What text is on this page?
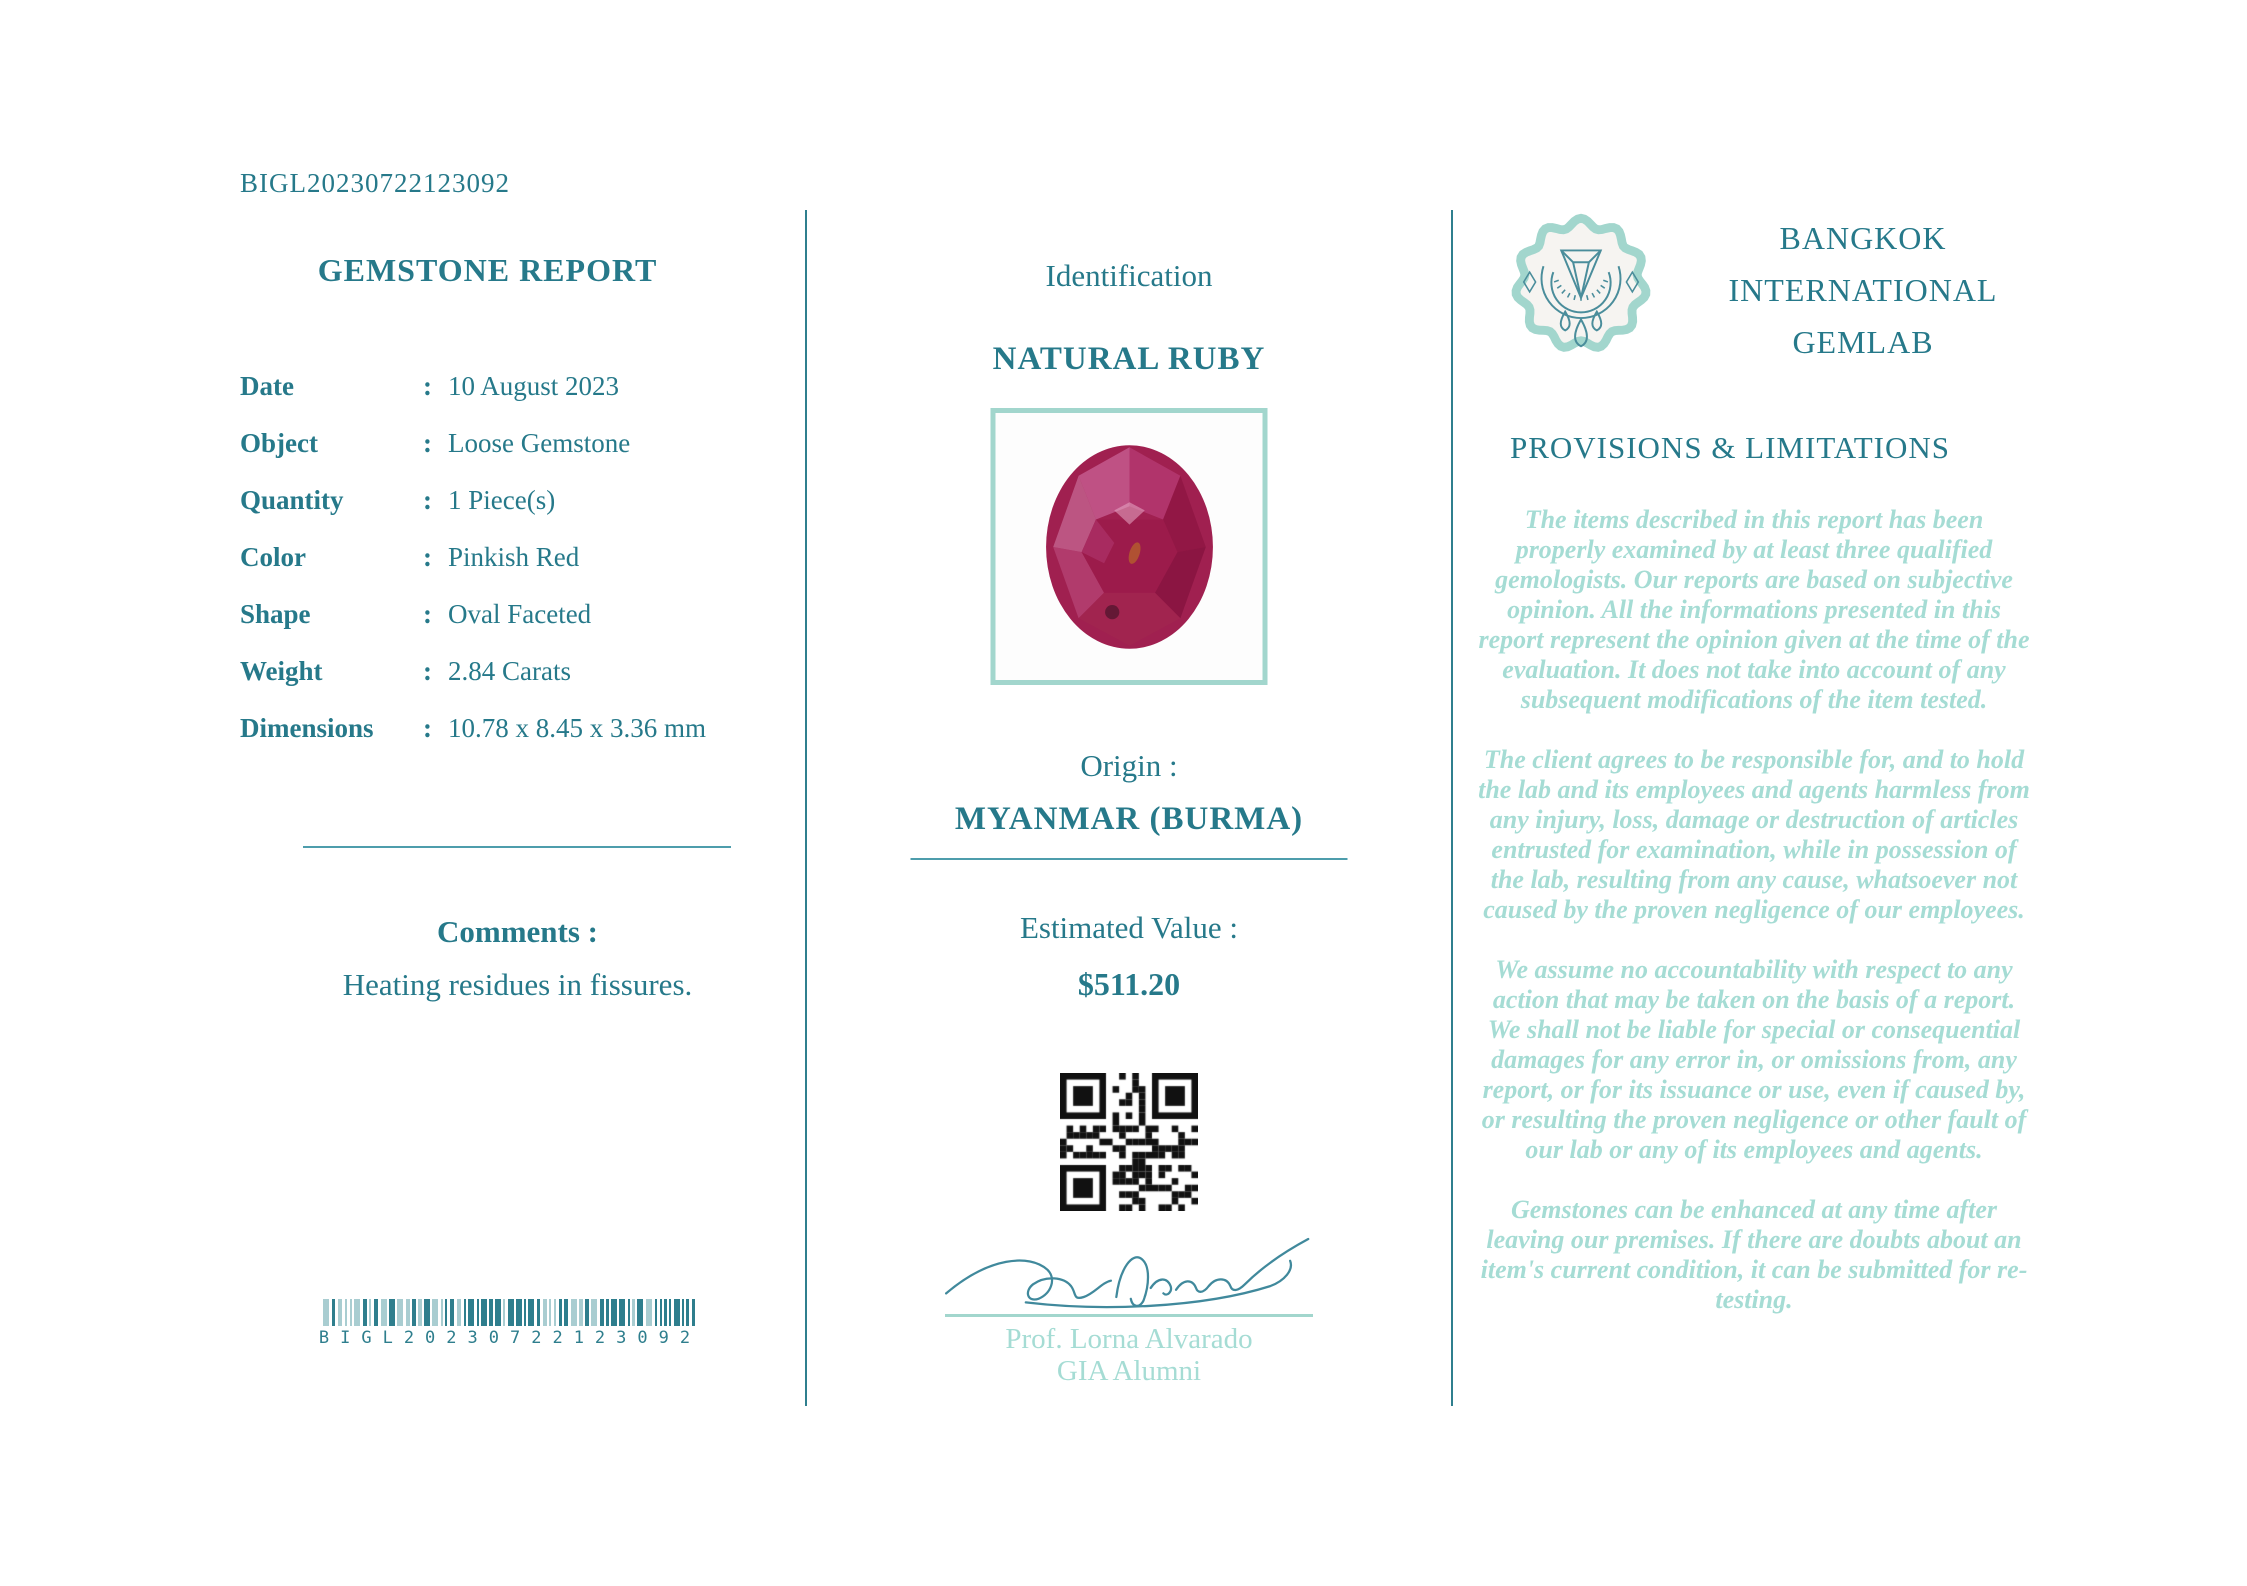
BIGL20230722123092
GEMSTONE REPORT
Date	: 10 August 2023
Object	: Loose Gemstone
Quantity	: 1 Piece(s)
Color	: Pinkish Red
Shape	: Oval Faceted
Weight	: 2.84 Carats
Dimensions	: 10.78 x 8.45 x 3.36 mm
Comments :
Heating residues in fissures.
BIGL20230722123092
Identification
NATURAL RUBY
Origin :
MYANMAR (BURMA)
Estimated Value :
$511.20
Prof. Lorna Alvarado
GIA Alumni
BANGKOK
INTERNATIONAL
GEMLAB
PROVISIONS & LIMITATIONS

The items described in this report has been properly examined by at least three qualified gemologists. Our reports are based on subjective opinion. All the informations presented in this report represent the opinion given at the time of the evaluation. It does not take into account of any subsequent modifications of the item tested.

The client agrees to be responsible for, and to hold the lab and its employees and agents harmless from any injury, loss, damage or destruction of articles entrusted for examination, while in possession of the lab, resulting from any cause, whatsoever not caused by the proven negligence of our employees.

We assume no accountability with respect to any action that may be taken on the basis of a report. We shall not be liable for special or consequential damages for any error in, or omissions from, any report, or for its issuance or use, even if caused by, or resulting the proven negligence or other fault of our lab or any of its employees and agents.

Gemstones can be enhanced at any time after leaving our premises. If there are doubts about an item's current condition, it can be submitted for re-testing.
